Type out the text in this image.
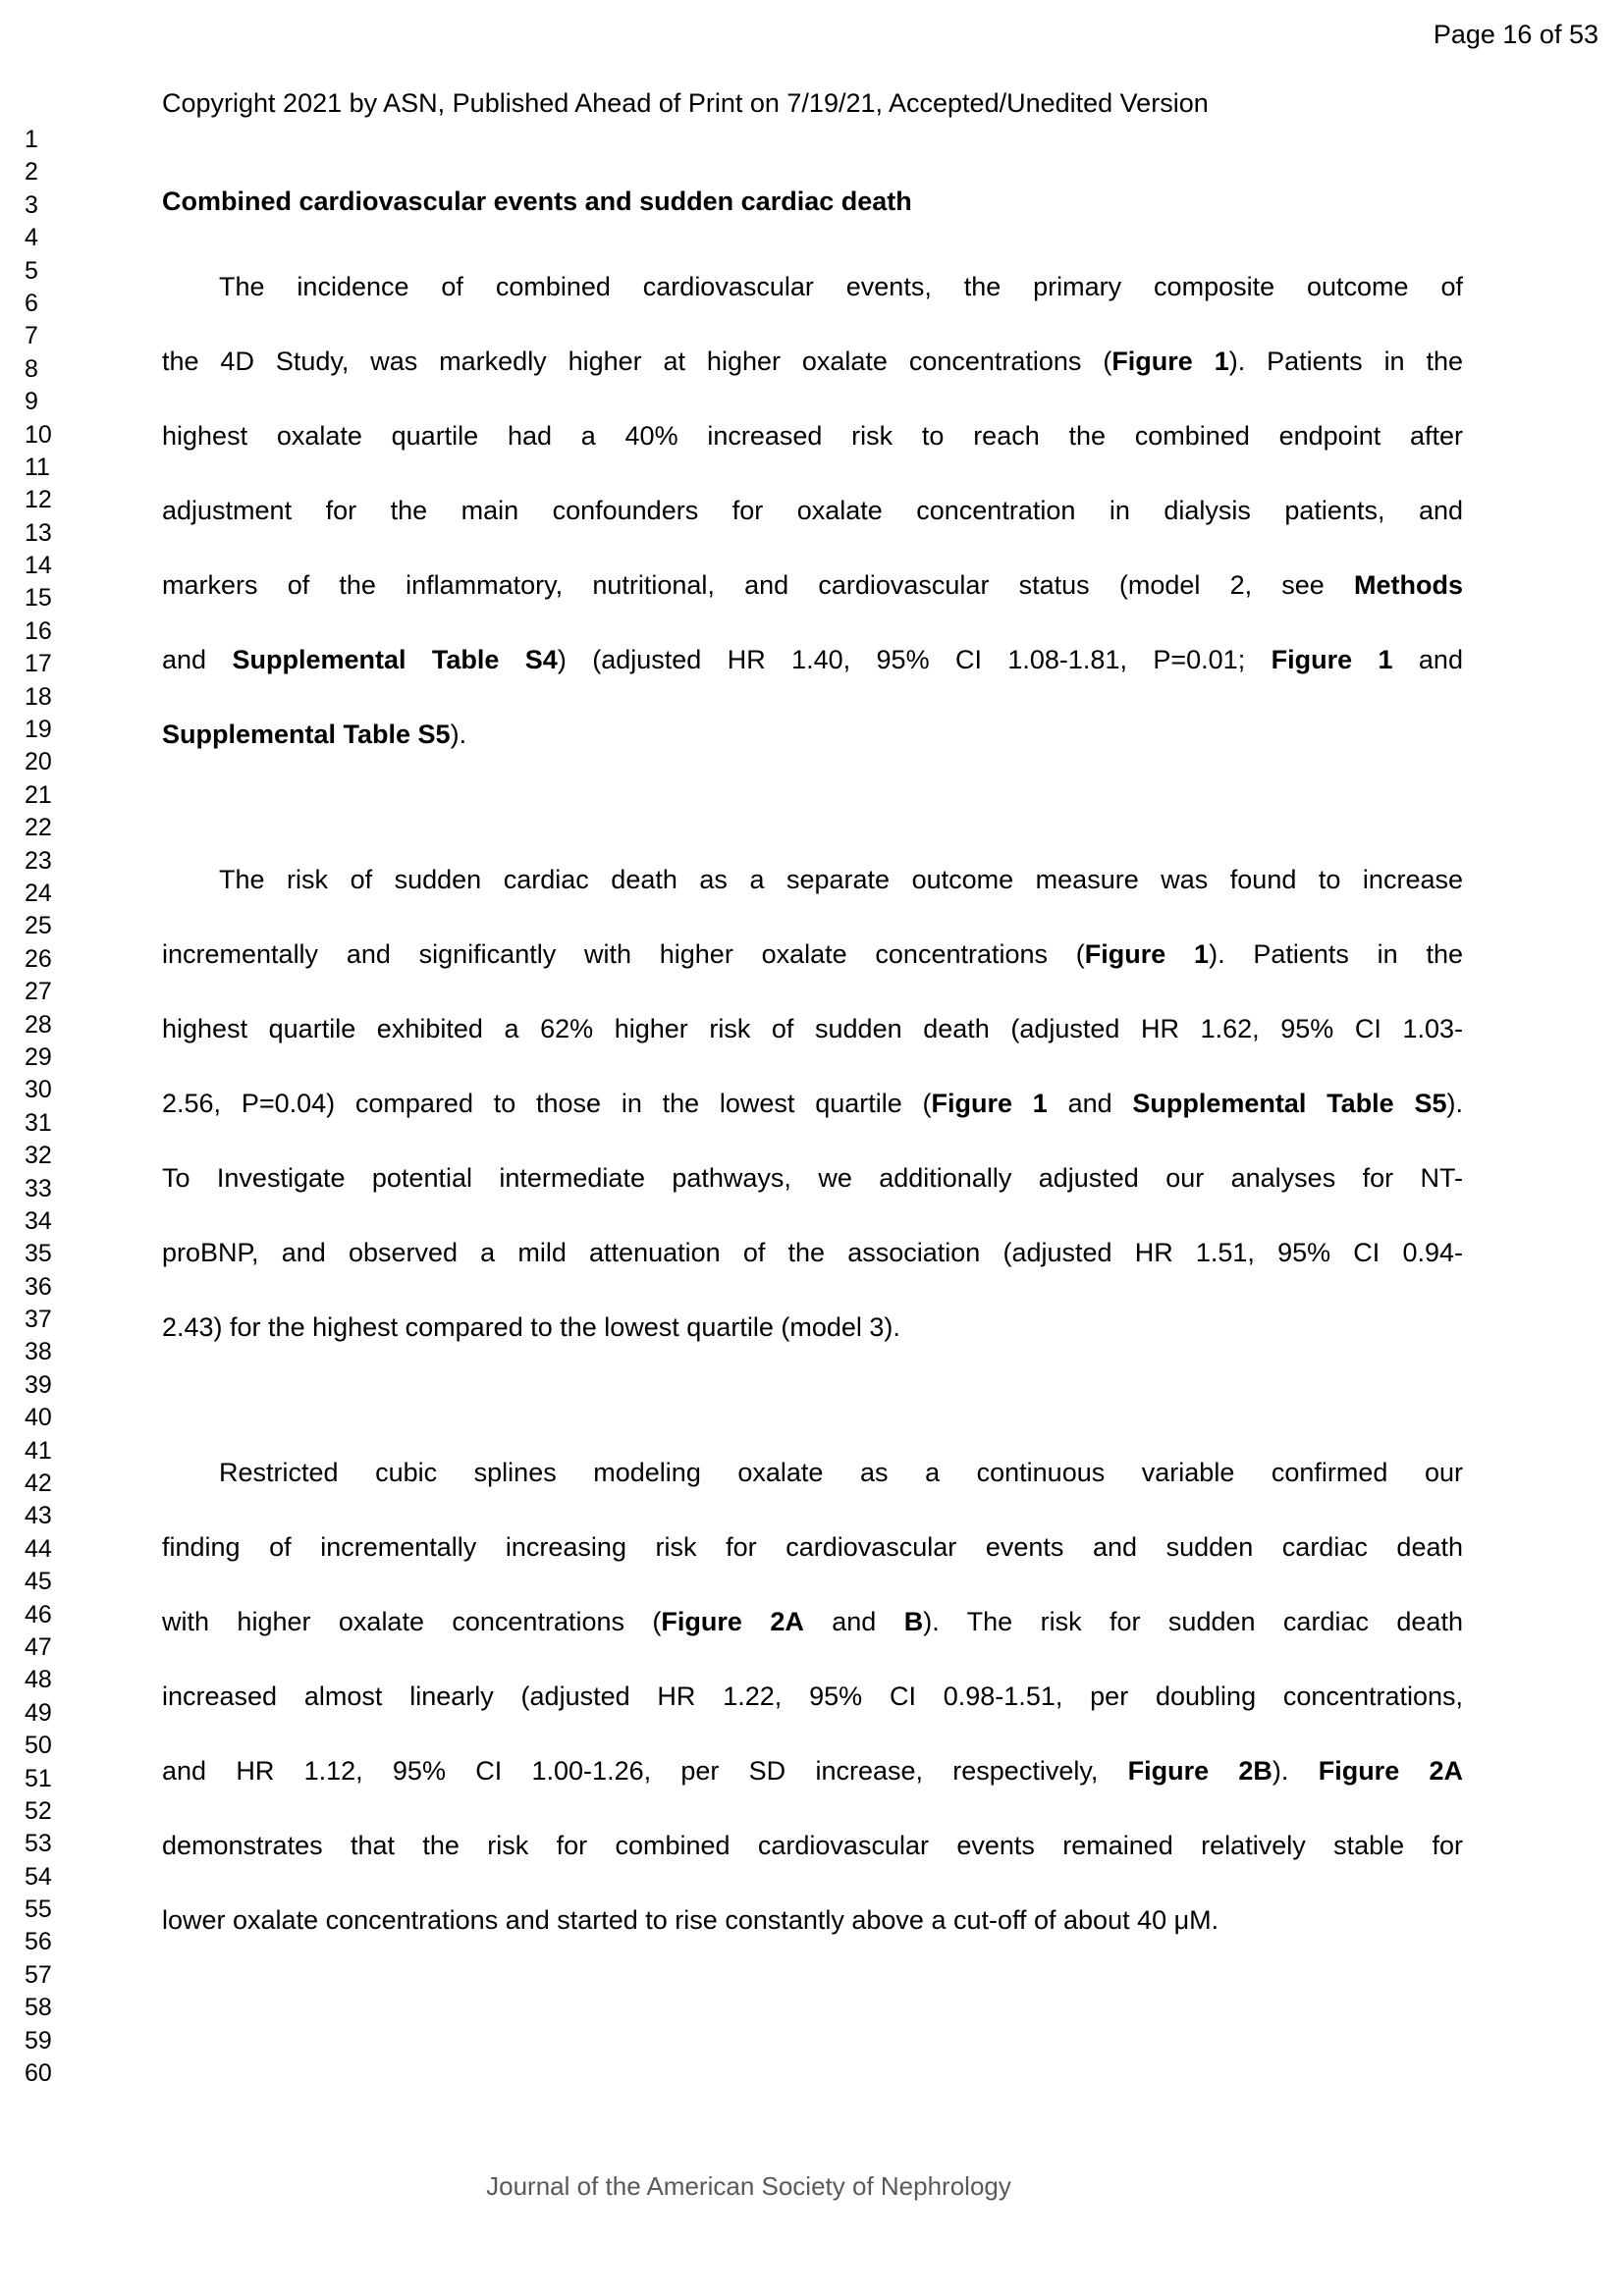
Page 16 of 53
1
2
3
4
5
6
7
8
9
10
11
12
13
14
15
16
17
18
19
20
21
22
23
24
25
26
27
28
29
30
31
32
33
34
35
36
37
38
39
40
41
42
43
44
45
46
47
48
49
50
51
52
53
54
55
56
57
58
59
60
Copyright 2021 by ASN, Published Ahead of Print on 7/19/21, Accepted/Unedited Version
Combined cardiovascular events and sudden cardiac death
The incidence of combined cardiovascular events, the primary composite outcome of
the 4D Study, was markedly higher at higher oxalate concentrations (Figure 1). Patients in the
highest oxalate quartile had a 40% increased risk to reach the combined endpoint after
adjustment for the main confounders for oxalate concentration in dialysis patients, and
markers of the inflammatory, nutritional, and cardiovascular status (model 2, see Methods
and Supplemental Table S4) (adjusted HR 1.40, 95% CI 1.08-1.81, P=0.01; Figure 1 and
Supplemental Table S5).
The risk of sudden cardiac death as a separate outcome measure was found to increase
incrementally and significantly with higher oxalate concentrations (Figure 1). Patients in the
highest quartile exhibited a 62% higher risk of sudden death (adjusted HR 1.62, 95% CI 1.03-
2.56, P=0.04) compared to those in the lowest quartile (Figure 1 and Supplemental Table S5).
To Investigate potential intermediate pathways, we additionally adjusted our analyses for NT-
proBNP, and observed a mild attenuation of the association (adjusted HR 1.51, 95% CI 0.94-
2.43) for the highest compared to the lowest quartile (model 3).
Restricted cubic splines modeling oxalate as a continuous variable confirmed our
finding of incrementally increasing risk for cardiovascular events and sudden cardiac death
with higher oxalate concentrations (Figure 2A and B). The risk for sudden cardiac death
increased almost linearly (adjusted HR 1.22, 95% CI 0.98-1.51, per doubling concentrations,
and HR 1.12, 95% CI 1.00-1.26, per SD increase, respectively, Figure 2B). Figure 2A
demonstrates that the risk for combined cardiovascular events remained relatively stable for
lower oxalate concentrations and started to rise constantly above a cut-off of about 40 μM.
Journal of the American Society of Nephrology
